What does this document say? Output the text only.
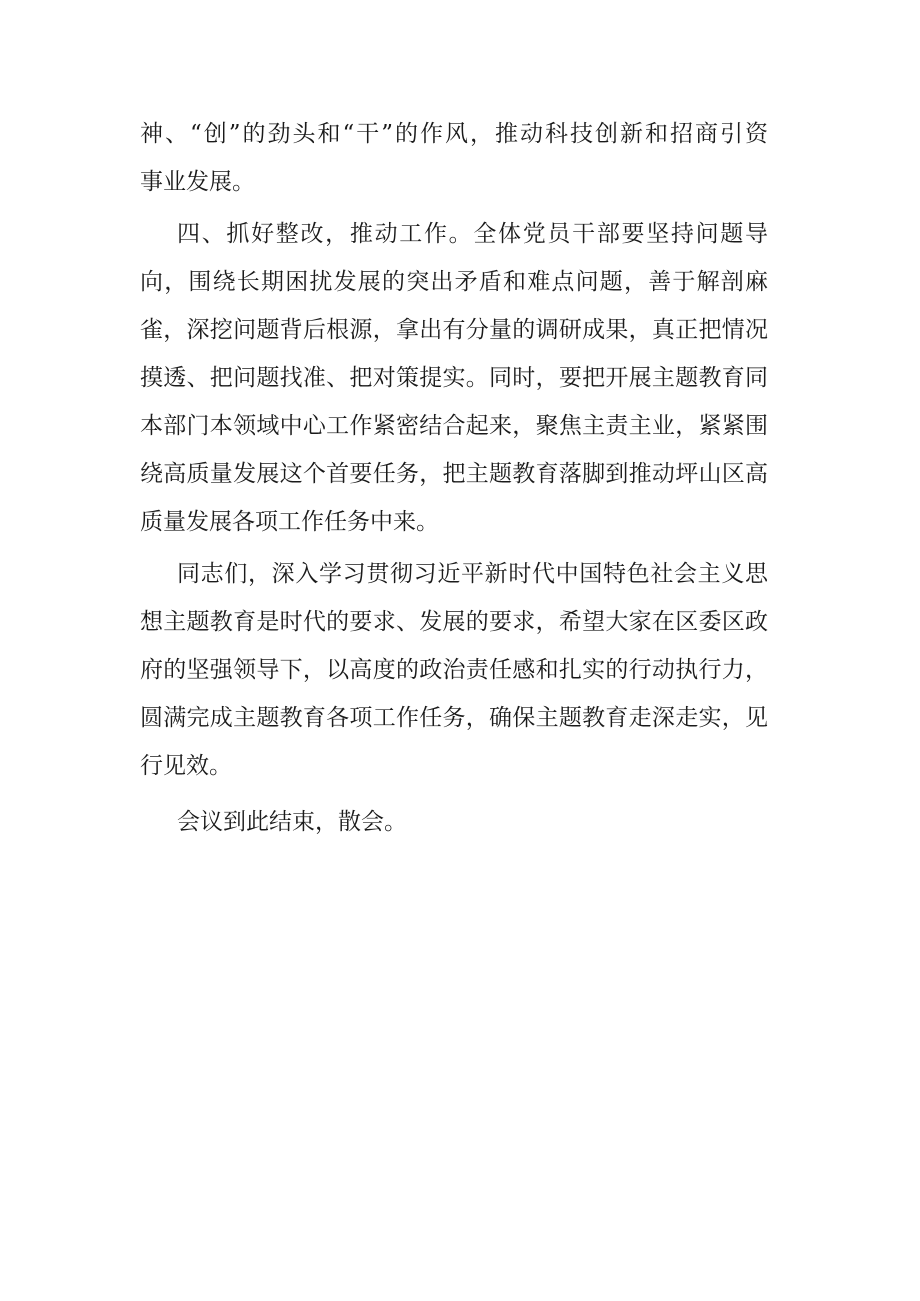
神、“创”的劲头和“干”的作风，推动科技创新和招商引资
事业发展。
四、抓好整改，推动工作。全体党员干部要坚持问题导
向，围绕长期困扰发展的突出矛盾和难点问题，善于解剖麻
雀，深挖问题背后根源，拿出有分量的调研成果，真正把情况
摸透、把问题找准、把对策提实。同时，要把开展主题教育同
本部门本领域中心工作紧密结合起来，聚焦主责主业，紧紧围
绕高质量发展这个首要任务，把主题教育落脚到推动坪山区高
质量发展各项工作任务中来。
同志们，深入学习贯彻习近平新时代中国特色社会主义思
想主题教育是时代的要求、发展的要求，希望大家在区委区政
府的坚强领导下，以高度的政治责任感和扎实的行动执行力，
圆满完成主题教育各项工作任务，确保主题教育走深走实，见
行见效。
会议到此结束，散会。
